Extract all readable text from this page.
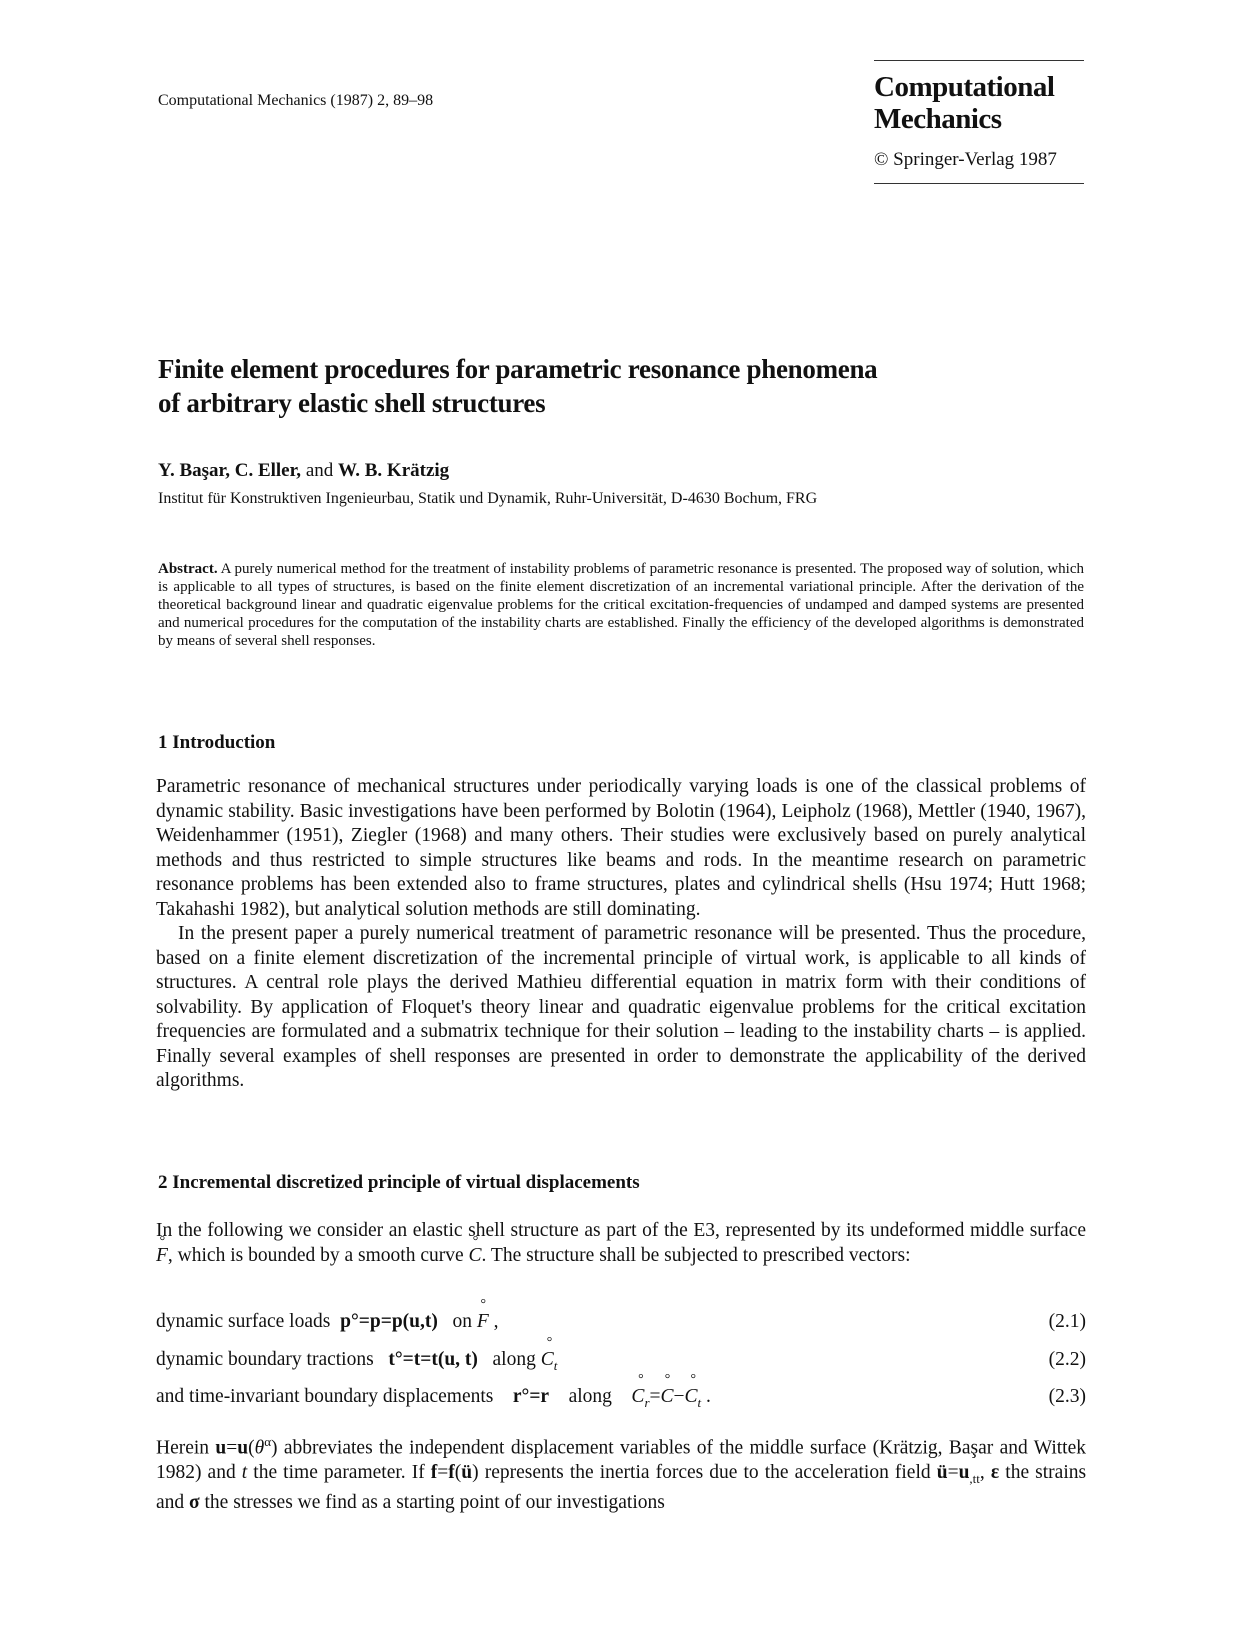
Computational Mechanics (1987) 2, 89–98	Computational
Mechanics
© Springer-Verlag 1987
Finite element procedures for parametric resonance phenomena
of arbitrary elastic shell structures
Y. Başar, C. Eller, and W. B. Krätzig
Institut für Konstruktiven Ingenieurbau, Statik und Dynamik, Ruhr-Universität, D-4630 Bochum, FRG
Abstract. A purely numerical method for the treatment of instability problems of parametric resonance is presented. The proposed way of solution, which is applicable to all types of structures, is based on the finite element discretization of an incremental variational principle. After the derivation of the theoretical background linear and quadratic eigenvalue problems for the critical excitation-frequencies of undamped and damped systems are presented and numerical procedures for the computation of the instability charts are established. Finally the efficiency of the developed algorithms is demonstrated by means of several shell responses.
1 Introduction

Parametric resonance of mechanical structures under periodically varying loads is one of the classical problems of dynamic stability. Basic investigations have been performed by Bolotin (1964), Leipholz (1968), Mettler (1940, 1967), Weidenhammer (1951), Ziegler (1968) and many others. Their studies were exclusively based on purely analytical methods and thus restricted to simple structures like beams and rods. In the meantime research on parametric resonance problems has been extended also to frame structures, plates and cylindrical shells (Hsu 1974; Hutt 1968; Takahashi 1982), but analytical solution methods are still dominating.

In the present paper a purely numerical treatment of parametric resonance will be presented. Thus the procedure, based on a finite element discretization of the incremental principle of virtual work, is applicable to all kinds of structures. A central role plays the derived Mathieu differential equation in matrix form with their conditions of solvability. By application of Floquet's theory linear and quadratic eigenvalue problems for the critical excitation frequencies are formulated and a submatrix technique for their solution – leading to the instability charts – is applied. Finally several examples of shell responses are presented in order to demonstrate the applicability of the derived algorithms.

2 Incremental discretized principle of virtual displacements

In the following we consider an elastic shell structure as part of the E3, represented by its undeformed middle surface ° F, which is bounded by a smooth curve ° C. The structure shall be subjected to prescribed vectors:

dynamic surface loads p°=p=p(u,t) on ° F ,	(2.1)
dynamic boundary tractions t°=t=t(u, t) along ° $C_t$	(2.2)
and time-invariant boundary displacements r°=r along ° $C_r=^\circ$ C−° $C_t$ .	(2.3)

Herein $u=u(\theta^\alpha)$ abbreviates the independent displacement variables of the middle surface (Krätzig, Başar and Wittek 1982) and t the time parameter. If f=f(ü) represents the inertia forces due to the acceleration field $ü=u_{,tt}$, ε the strains and σ the stresses we find as a starting point of our investigations
